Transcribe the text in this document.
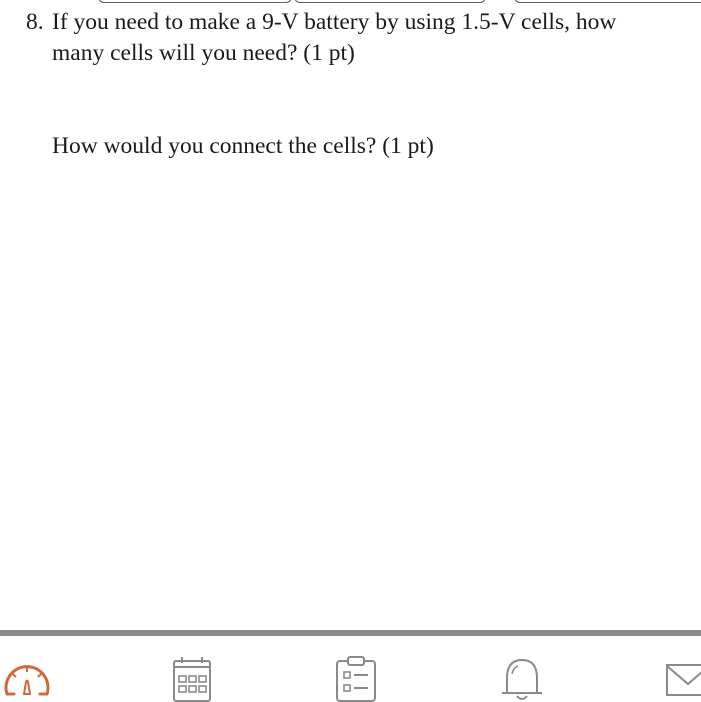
8. If you need to make a 9-V battery by using 1.5-V cells, how
many cells will you need? (1 pt)
How would you connect the cells? (1 pt)
